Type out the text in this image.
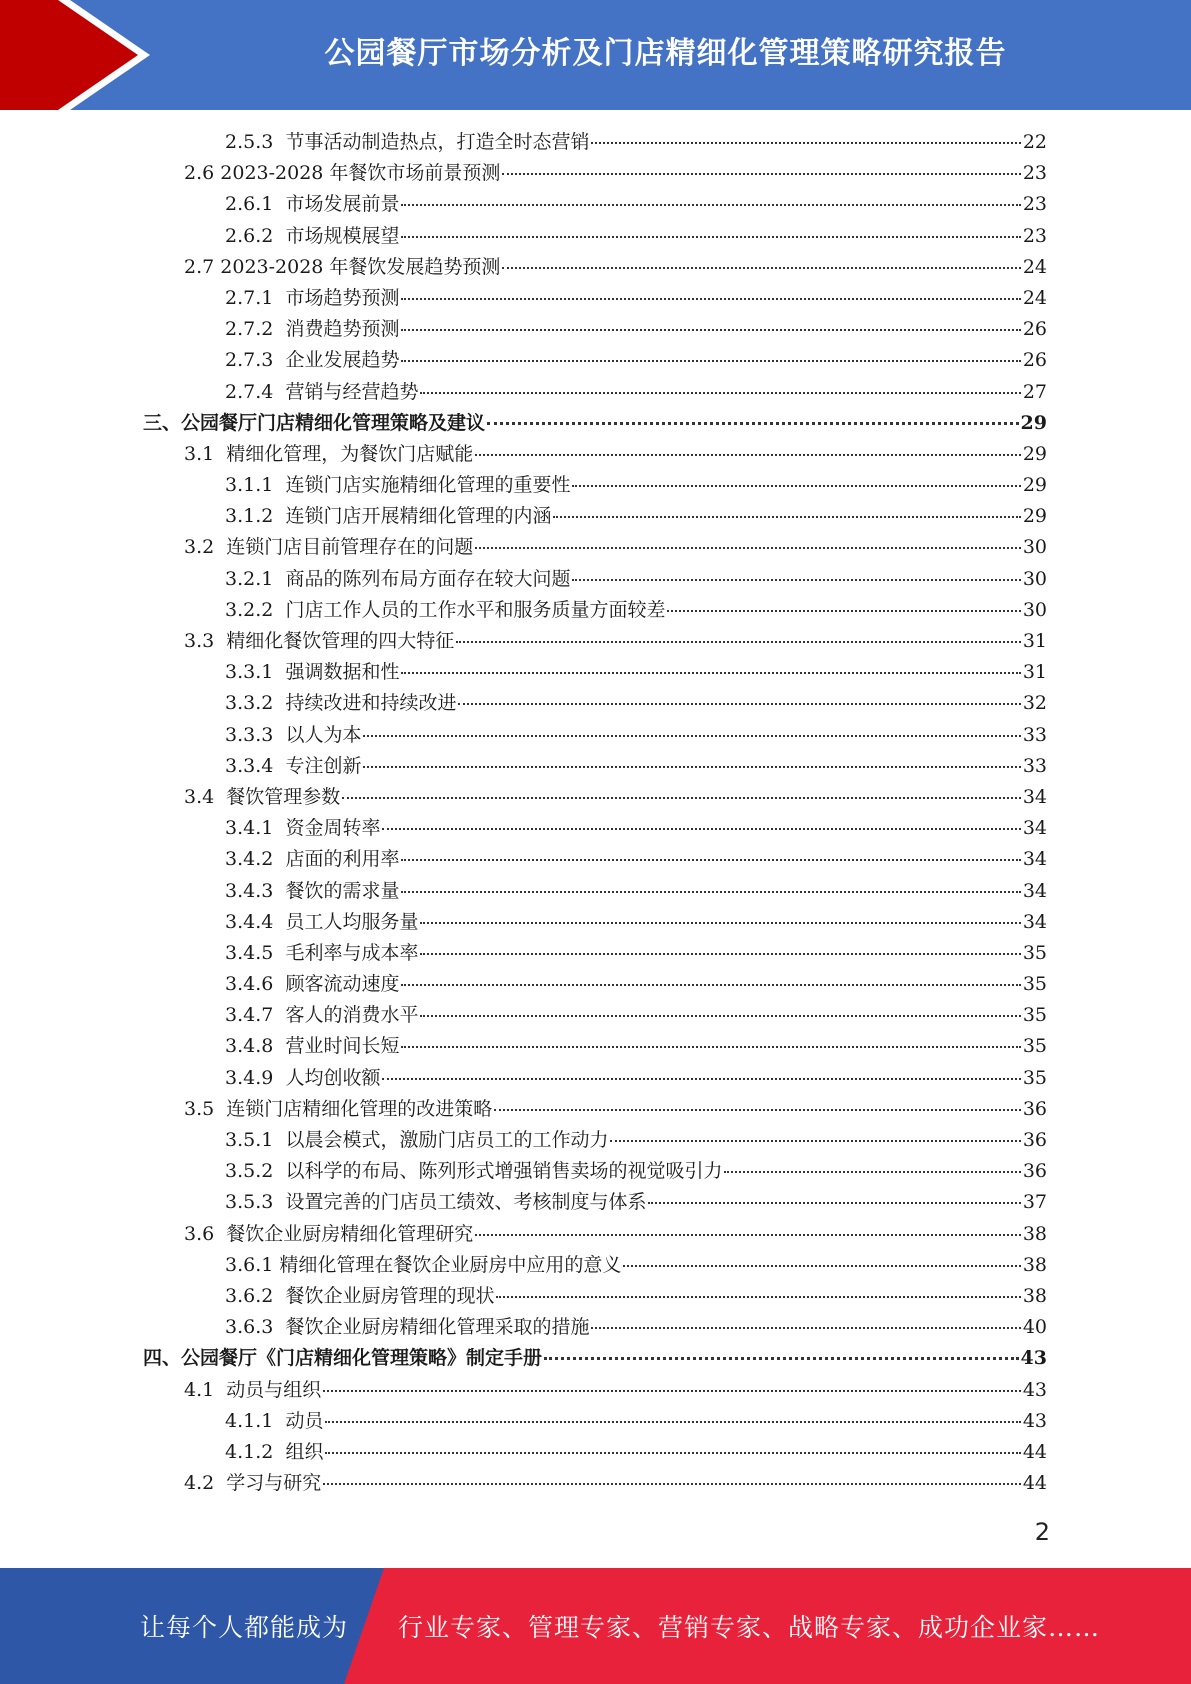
公园餐厅市场分析及门店精细化管理策略研究报告
2.5.3 节事活动制造热点，打造全时态营销	22
2.6 2023-2028 年餐饮市场前景预测	23
2.6.1 市场发展前景	23
2.6.2 市场规模展望	23
2.7 2023-2028 年餐饮发展趋势预测	24
2.7.1 市场趋势预测	24
2.7.2 消费趋势预测	26
2.7.3 企业发展趋势	26
2.7.4 营销与经营趋势	27
三、 公园餐厅门店精细化管理策略及建议	29
3.1 精细化管理，为餐饮门店赋能	29
3.1.1 连锁门店实施精细化管理的重要性	29
3.1.2 连锁门店开展精细化管理的内涵	29
3.2 连锁门店目前管理存在的问题	30
3.2.1 商品的陈列布局方面存在较大问题	30
3.2.2 门店工作人员的工作水平和服务质量方面较差	30
3.3 精细化餐饮管理的四大特征	31
3.3.1 强调数据和性	31
3.3.2 持续改进和持续改进	32
3.3.3 以人为本	33
3.3.4 专注创新	33
3.4 餐饮管理参数	34
3.4.1 资金周转率	34
3.4.2 店面的利用率	34
3.4.3 餐饮的需求量	34
3.4.4 员工人均服务量	34
3.4.5 毛利率与成本率	35
3.4.6 顾客流动速度	35
3.4.7 客人的消费水平	35
3.4.8 营业时间长短	35
3.4.9 人均创收额	35
3.5 连锁门店精细化管理的改进策略	36
3.5.1 以晨会模式，激励门店员工的工作动力	36
3.5.2 以科学的布局、陈列形式增强销售卖场的视觉吸引力	36
3.5.3 设置完善的门店员工绩效、考核制度与体系	37
3.6 餐饮企业厨房精细化管理研究	38
3.6.1 精细化管理在餐饮企业厨房中应用的意义	38
3.6.2 餐饮企业厨房管理的现状	38
3.6.3 餐饮企业厨房精细化管理采取的措施	40
四、 公园餐厅《门店精细化管理策略》制定手册	43
4.1 动员与组织	43
4.1.1 动员	43
4.1.2 组织	44
4.2 学习与研究	44
2
让每个人都能成为 行业专家、管理专家、营销专家、战略专家、成功企业家……
